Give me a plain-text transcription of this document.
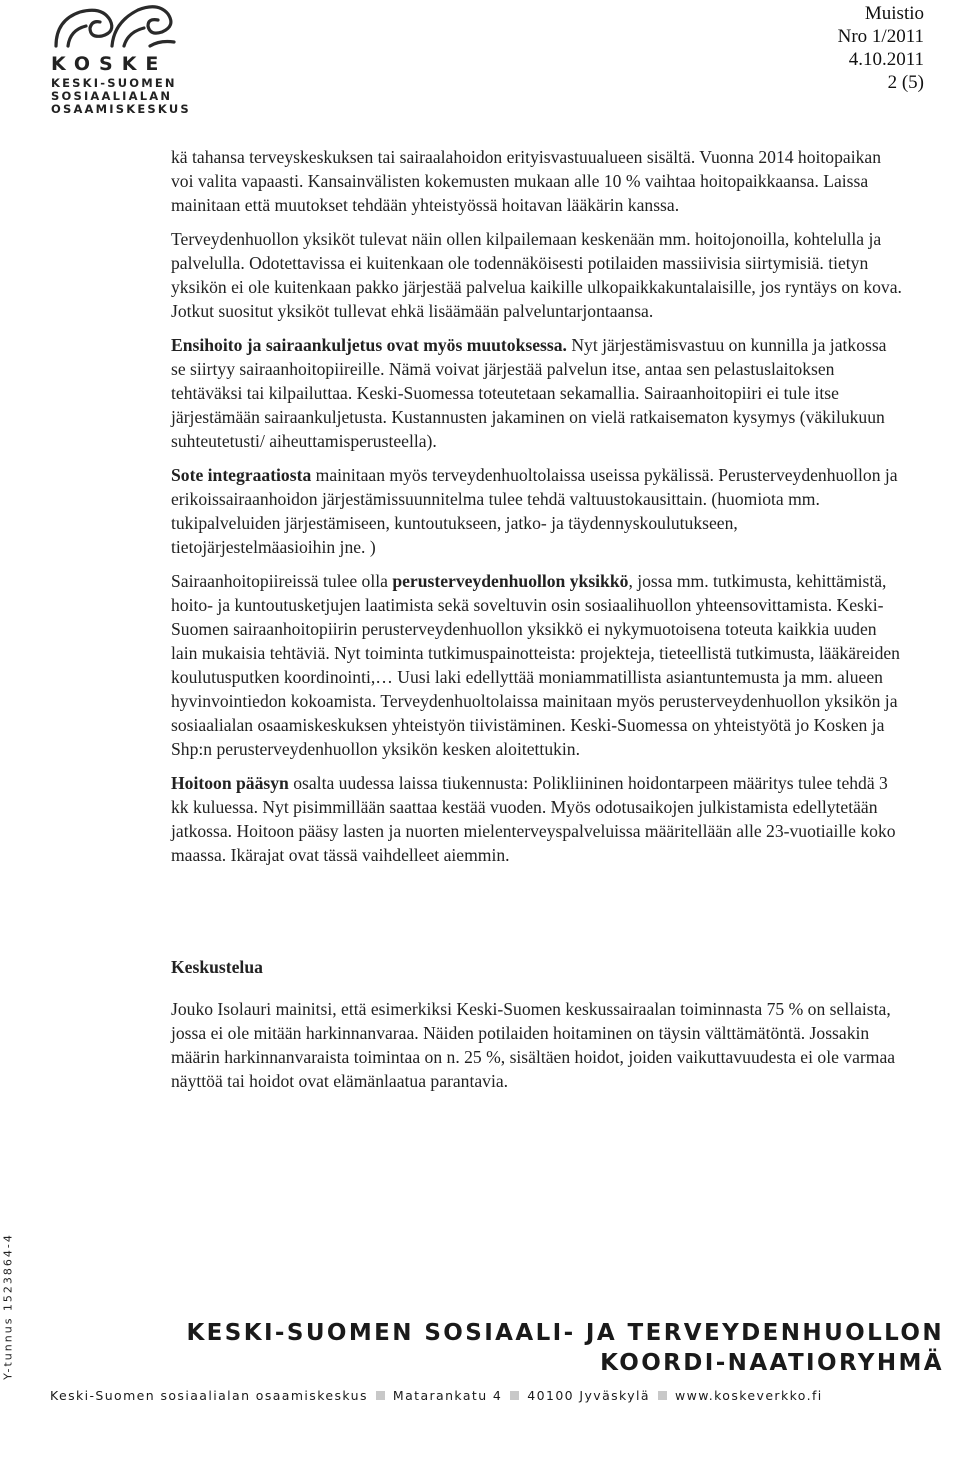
KOSKE
KESKI-SUOMEN
SOSIAALIALAN
OSAAMISKESKUS
Muistio
Nro 1/2011
4.10.2011
2 (5)

kä tahansa terveyskeskuksen tai sairaalahoidon erityisvastuualueen sisältä. Vuonna 2014 hoitopaikan voi valita vapaasti. Kansainvälisten kokemusten mukaan alle 10 % vaihtaa hoitopaikkaansa. Laissa mainitaan että muutokset tehdään yhteistyössä hoitavan lääkärin kanssa.

Terveydenhuollon yksiköt tulevat näin ollen kilpailemaan keskenään mm. hoitojonoilla, kohtelulla ja palvelulla. Odotettavissa ei kuitenkaan ole todennäköisesti potilaiden massiivisia siirtymisiä. tietyn yksikön ei ole kuitenkaan pakko järjestää palvelua kaikille ulkopaikkakuntalaisille, jos ryntäys on kova. Jotkut suositut yksiköt tullevat ehkä lisäämään palveluntarjontaansa.

Ensihoito ja sairaankuljetus ovat myös muutoksessa. Nyt järjestämisvastuu on kunnilla ja jatkossa se siirtyy sairaanhoitopiireille. Nämä voivat järjestää palvelun itse, antaa sen pelastuslaitoksen tehtäväksi tai kilpailuttaa. Keski-Suomessa toteutetaan sekamallia. Sairaanhoitopiiri ei tule itse järjestämään sairaankuljetusta. Kustannusten jakaminen on vielä ratkaisematon kysymys (väkilukuun suhteutetusti/ aiheuttamisperusteella).

Sote integraatiosta mainitaan myös terveydenhuoltolaissa useissa pykälissä. Perusterveydenhuollon ja erikoissairaanhoidon järjestämissuunnitelma tulee tehdä valtuustokausittain. (huomiota mm. tukipalveluiden järjestämiseen, kuntoutukseen, jatko- ja täydennyskoulutukseen, tietojärjestelmäasioihin jne. )

Sairaanhoitopiireissä tulee olla perusterveydenhuollon yksikkö, jossa mm. tutkimusta, kehittämistä, hoito- ja kuntoutusketjujen laatimista sekä soveltuvin osin sosiaalihuollon yhteensovittamista. Keski-Suomen sairaanhoitopiirin perusterveydenhuollon yksikkö ei nykymuotoisena toteuta kaikkia uuden lain mukaisia tehtäviä. Nyt toiminta tutkimuspainotteista: projekteja, tieteellistä tutkimusta, lääkäreiden koulutusputken koordinointi,… Uusi laki edellyttää moniammatillista asiantuntemusta ja mm. alueen hyvinvointiedon kokoamista. Terveydenhuoltolaissa mainitaan myös perusterveydenhuollon yksikön ja sosiaalialan osaamiskeskuksen yhteistyön tiivistäminen. Keski-Suomessa on yhteistyötä jo Kosken ja Shp:n perusterveydenhuollon yksikön kesken aloitettukin.

Hoitoon pääsyn osalta uudessa laissa tiukennusta: Polikliininen hoidontarpeen määritys tulee tehdä 3 kk kuluessa. Nyt pisimmillään saattaa kestää vuoden. Myös odotusaikojen julkistamista edellytetään jatkossa. Hoitoon pääsy lasten ja nuorten mielenterveyspalveluissa määritellään alle 23-vuotiaille koko maassa. Ikärajat ovat tässä vaihdelleet aiemmin.

Keskustelua

Jouko Isolauri mainitsi, että esimerkiksi Keski-Suomen keskussairaalan toiminnasta 75 % on sellaista, jossa ei ole mitään harkinnanvaraa. Näiden potilaiden hoitaminen on täysin välttämätöntä. Jossakin määrin harkinnanvaraista toimintaa on n. 25 %, sisältäen hoidot, joiden vaikuttavuudesta ei ole varmaa näyttöä tai hoidot ovat elämänlaatua parantavia.

Y-tunnus 1523864-4	KESKI-SUOMEN SOSIAALI- JA TERVEYDENHUOLLON KOORDI-NAATIORYHMÄ
Keski-Suomen sosiaalialan osaamiskeskus Matarankatu 4 40100 Jyväskylä www.koskeverkko.fi
